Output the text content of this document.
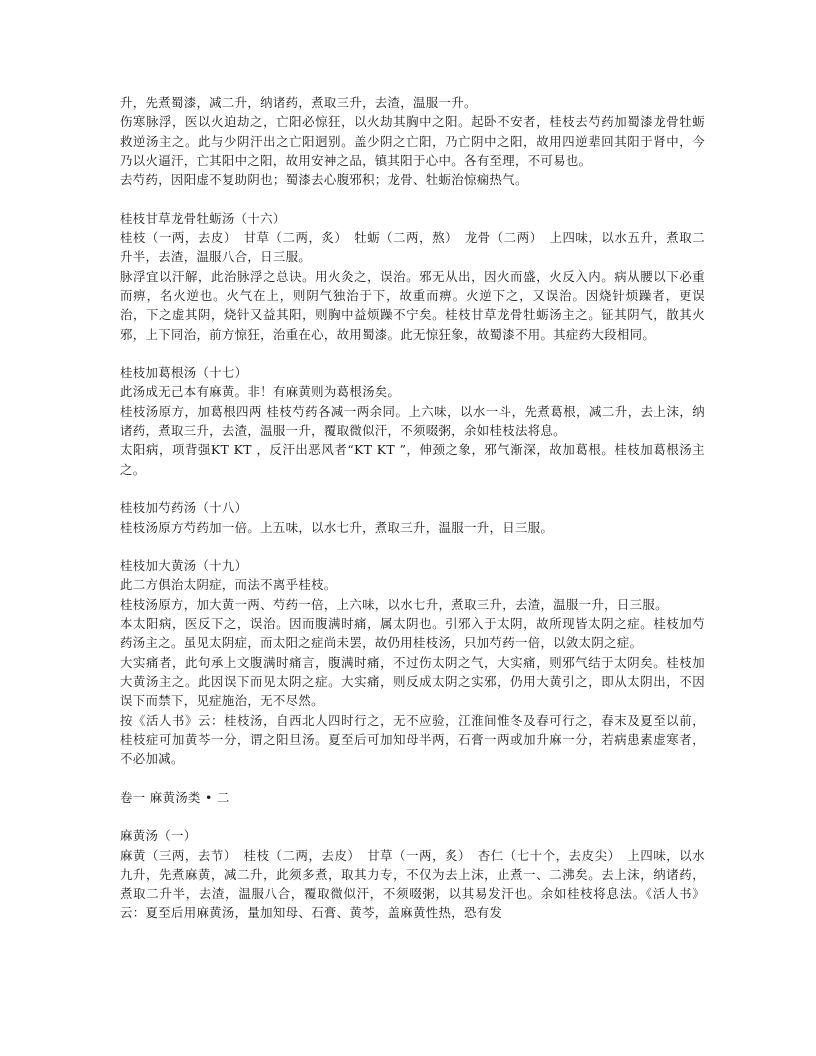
升，先煮蜀漆，减二升，纳诸药，煮取三升，去渣，温服一升。

伤寒脉浮，医以火迫劫之，亡阳必惊狂，以火劫其胸中之阳。起卧不安者，桂枝去芍药加蜀漆龙骨牡蛎救逆汤主之。此与少阴汗出之亡阳迥别。盖少阴之亡阳，乃亡阴中之阳，故用四逆辈回其阳于肾中，今乃以火逼汗，亡其阳中之阳，故用安神之品，镇其阳于心中。各有至理，不可易也。

去芍药，因阳虚不复助阴也；蜀漆去心腹邪积；龙骨、牡蛎治惊痫热气。

桂枝甘草龙骨牡蛎汤（十六）

桂枝（一两，去皮）　甘草（二两，炙）　牡蛎（二两，熬）　龙骨（二两）　上四味，以水五升，煮取二升半，去渣，温服八合，日三服。

脉浮宜以汗解，此治脉浮之总诀。用火灸之，误治。邪无从出，因火而盛，火反入内。病从腰以下必重而痹，名火逆也。火气在上，则阴气独治于下，故重而痹。火逆下之，又误治。因烧针烦躁者，更误治，下之虚其阴，烧针又益其阳，则胸中益烦躁不宁矣。桂枝甘草龙骨牡蛎汤主之。钲其阴气，散其火邪，上下同治，前方惊狂，治重在心，故用蜀漆。此无惊狂象，故蜀漆不用。其症药大段相同。

桂枝加葛根汤（十七）

此汤成无己本有麻黄。非！有麻黄则为葛根汤矣。

桂枝汤原方，加葛根四两 桂枝芍药各减一两余同。上六味，以水一斗，先煮葛根，减二升，去上沫，纳诸药，煮取三升，去渣，温服一升，覆取微似汗，不须啜粥，余如桂枝法将息。

太阳病，项背强KT KT ，反汗出恶风者“KT KT ”，伸颈之象，邪气渐深，故加葛根。桂枝加葛根汤主之。

桂枝加芍药汤（十八）

桂枝汤原方芍药加一倍。上五味，以水七升，煮取三升，温服一升，日三服。

桂枝加大黄汤（十九）

此二方俱治太阴症，而法不离乎桂枝。

桂枝汤原方，加大黄一两、芍药一倍，上六味，以水七升，煮取三升，去渣，温服一升，日三服。

本太阳病，医反下之，误治。因而腹满时痛，属太阴也。引邪入于太阴，故所现皆太阴之症。桂枝加芍药汤主之。虽见太阴症，而太阳之症尚未罢，故仍用桂枝汤，只加芍药一倍，以敛太阴之症。

大实痛者，此句承上文腹满时痛言，腹满时痛，不过伤太阴之气，大实痛，则邪气结于太阴矣。桂枝加大黄汤主之。此因误下而见太阴之症。大实痛，则反成太阴之实邪，仍用大黄引之，即从太阴出，不因误下而禁下，见症施治，无不尽然。

按《活人书》云：桂枝汤，自西北人四时行之，无不应验，江淮间惟冬及春可行之，春末及夏至以前，桂枝症可加黄芩一分，谓之阳旦汤。夏至后可加知母半两，石膏一两或加升麻一分，若病患素虚寒者，不必加减。

卷一 麻黄汤类 • 二

麻黄汤（一）

麻黄（三两，去节）　桂枝（二两，去皮）　甘草（一两，炙）　杏仁（七十个，去皮尖）　上四味，以水九升，先煮麻黄，减二升，此须多煮，取其力专，不仅为去上沫，止煮一、二沸矣。去上沫，纳诸药，煮取二升半，去渣，温服八合，覆取微似汗，不须啜粥，以其易发汗也。余如桂枝将息法。《活人书》云：夏至后用麻黄汤，量加知母、石膏、黄芩，盖麻黄性热，恐有发
